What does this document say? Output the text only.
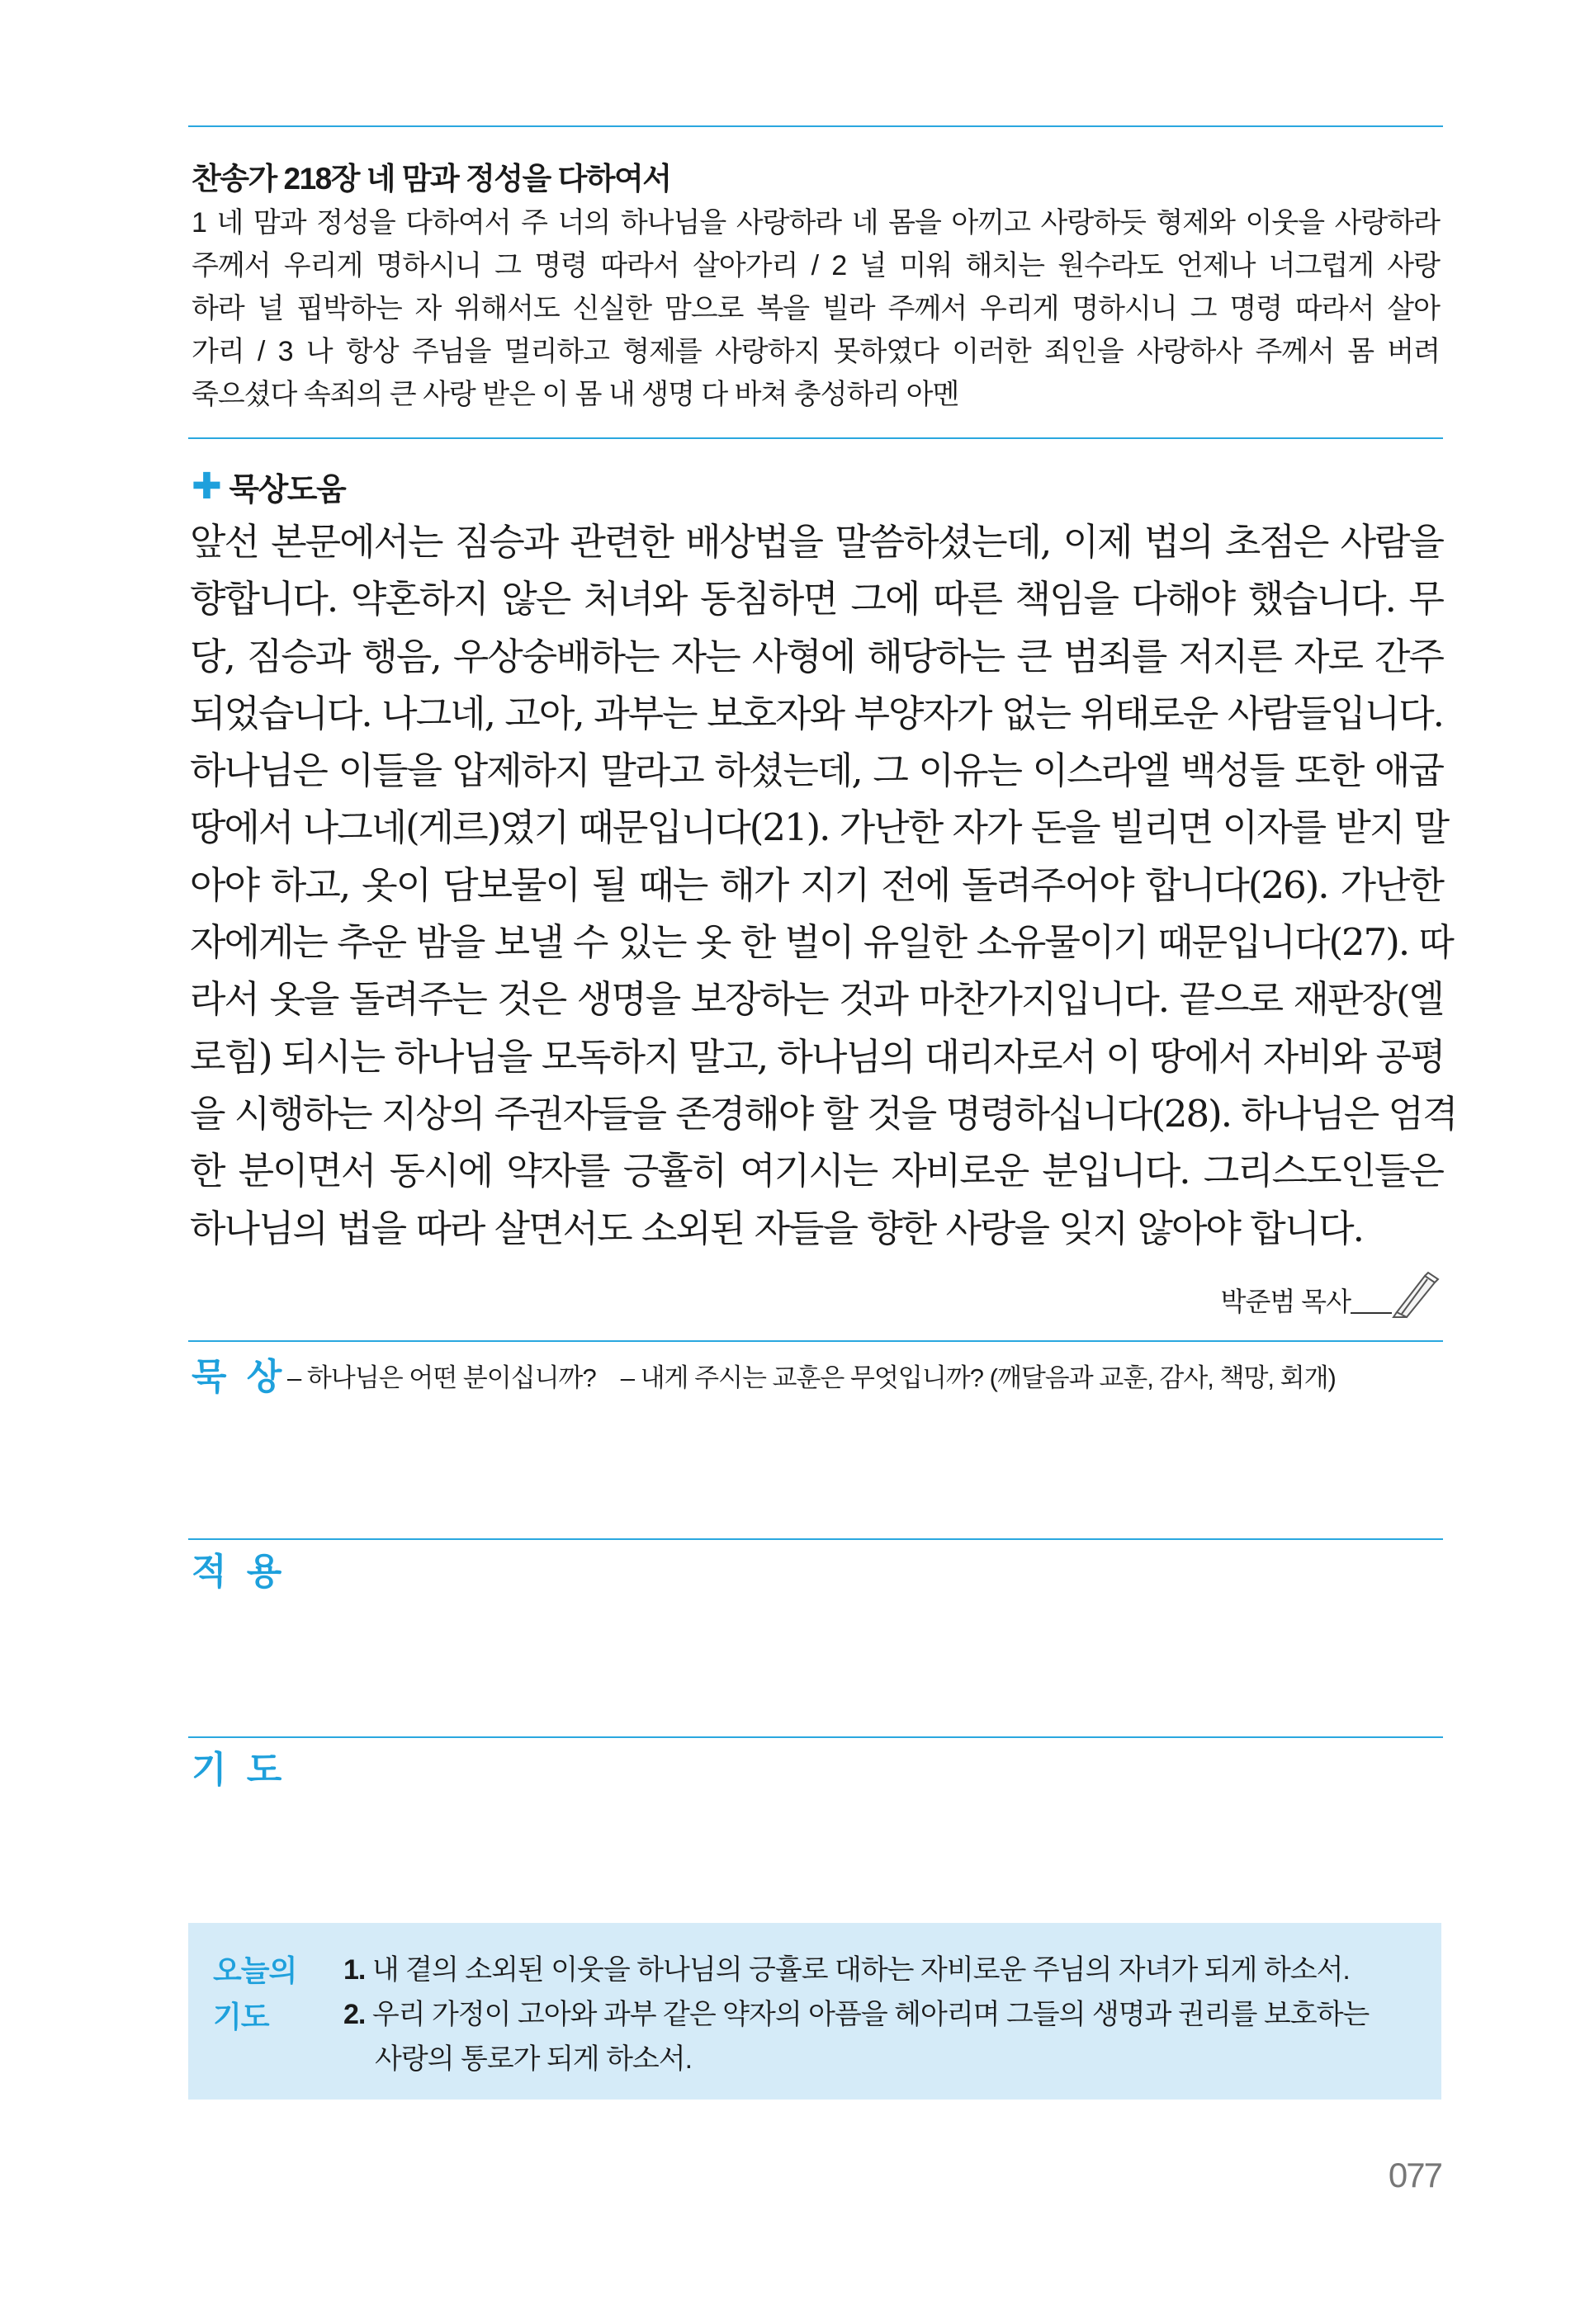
찬송가 218장 네 맘과 정성을 다하여서
1 네 맘과 정성을 다하여서 주 너의 하나님을 사랑하라 네 몸을 아끼고 사랑하듯 형제와 이웃을 사랑하라
주께서 우리게 명하시니 그 명령 따라서 살아가리 / 2 널 미워 해치는 원수라도 언제나 너그럽게 사랑
하라 널 핍박하는 자 위해서도 신실한 맘으로 복을 빌라 주께서 우리게 명하시니 그 명령 따라서 살아
가리 / 3 나 항상 주님을 멀리하고 형제를 사랑하지 못하였다 이러한 죄인을 사랑하사 주께서 몸 버려
죽으셨다 속죄의 큰 사랑 받은 이 몸 내 생명 다 바쳐 충성하리 아멘
✚ 묵상도움
앞선 본문에서는 짐승과 관련한 배상법을 말씀하셨는데, 이제 법의 초점은 사람을
향합니다. 약혼하지 않은 처녀와 동침하면 그에 따른 책임을 다해야 했습니다. 무
당, 짐승과 행음, 우상숭배하는 자는 사형에 해당하는 큰 범죄를 저지른 자로 간주
되었습니다. 나그네, 고아, 과부는 보호자와 부양자가 없는 위태로운 사람들입니다.
하나님은 이들을 압제하지 말라고 하셨는데, 그 이유는 이스라엘 백성들 또한 애굽
땅에서 나그네(게르)였기 때문입니다(21). 가난한 자가 돈을 빌리면 이자를 받지 말
아야 하고, 옷이 담보물이 될 때는 해가 지기 전에 돌려주어야 합니다(26). 가난한
자에게는 추운 밤을 보낼 수 있는 옷 한 벌이 유일한 소유물이기 때문입니다(27). 따
라서 옷을 돌려주는 것은 생명을 보장하는 것과 마찬가지입니다. 끝으로 재판장(엘
로힘) 되시는 하나님을 모독하지 말고, 하나님의 대리자로서 이 땅에서 자비와 공평
을 시행하는 지상의 주권자들을 존경해야 할 것을 명령하십니다(28). 하나님은 엄격
한 분이면서 동시에 약자를 긍휼히 여기시는 자비로운 분입니다. 그리스도인들은
하나님의 법을 따라 살면서도 소외된 자들을 향한 사랑을 잊지 않아야 합니다.
박준범 목사
묵 상 – 하나님은 어떤 분이십니까? – 내게 주시는 교훈은 무엇입니까? (깨달음과 교훈, 감사, 책망, 회개)
적 용
기 도
오늘의
기도
1. 내 곁의 소외된 이웃을 하나님의 긍휼로 대하는 자비로운 주님의 자녀가 되게 하소서.
2. 우리 가정이 고아와 과부 같은 약자의 아픔을 헤아리며 그들의 생명과 권리를 보호하는
사랑의 통로가 되게 하소서.
077
